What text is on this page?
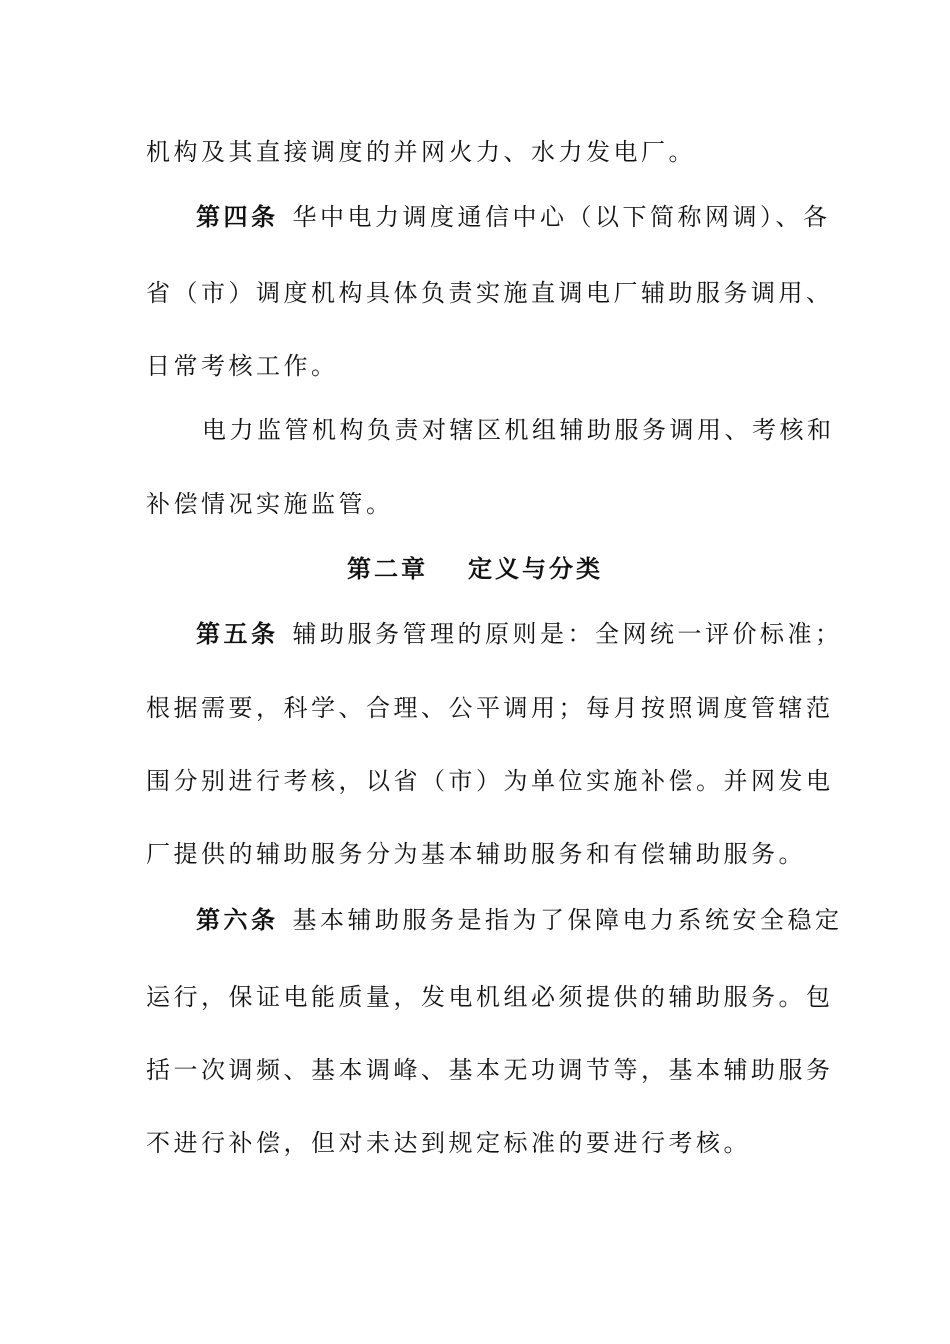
机构及其直接调度的并网火力、水力发电厂。
第四条 华中电力调度通信中心（以下简称网调）、各
省（市）调度机构具体负责实施直调电厂辅助服务调用、
日常考核工作。
电力监管机构负责对辖区机组辅助服务调用、考核和
补偿情况实施监管。
第二章 定义与分类
第五条 辅助服务管理的原则是：全网统一评价标准；
根据需要，科学、合理、公平调用；每月按照调度管辖范
围分别进行考核，以省（市）为单位实施补偿。并网发电
厂提供的辅助服务分为基本辅助服务和有偿辅助服务。
第六条 基本辅助服务是指为了保障电力系统安全稳定
运行，保证电能质量，发电机组必须提供的辅助服务。包
括一次调频、基本调峰、基本无功调节等，基本辅助服务
不进行补偿，但对未达到规定标准的要进行考核。
